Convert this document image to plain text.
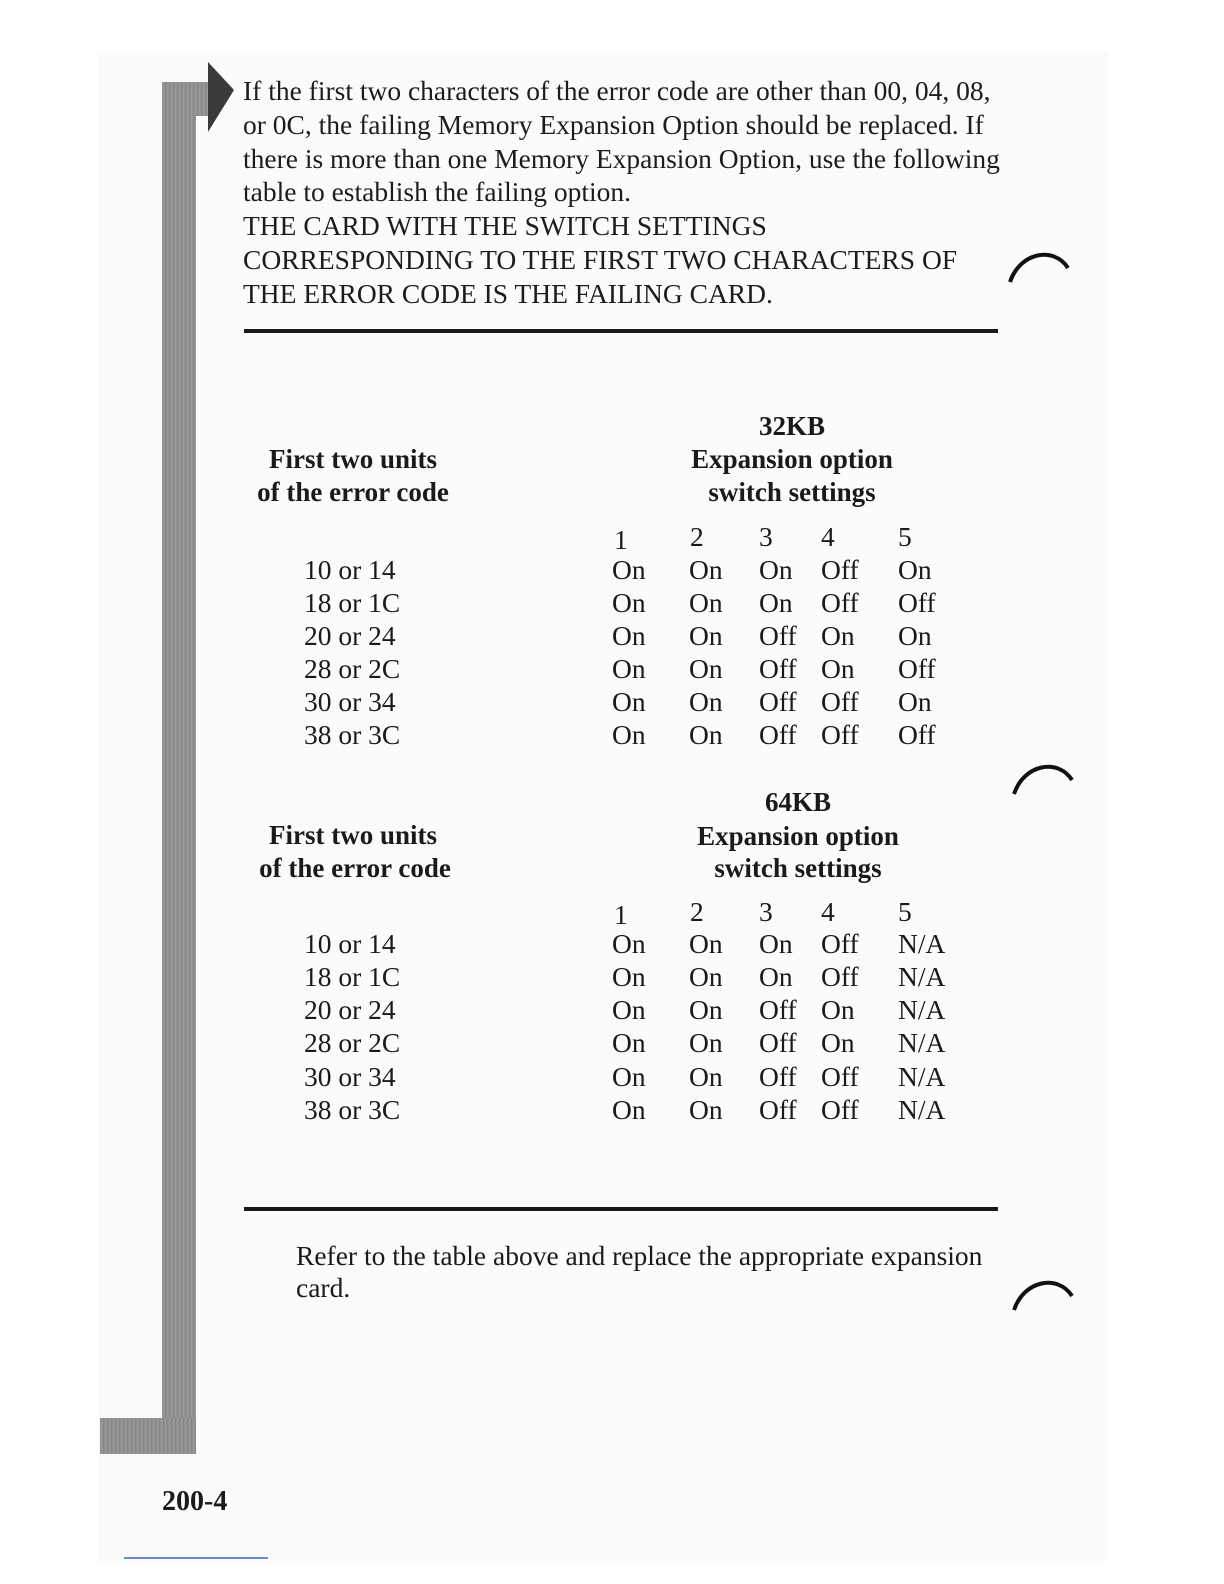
If the first two characters of the error code are other than 00, 04, 08, or 0C, the failing Memory Expansion Option should be replaced. If there is more than one Memory Expansion Option, use the following table to establish the failing option.
THE CARD WITH THE SWITCH SETTINGS CORRESPONDING TO THE FIRST TWO CHARACTERS OF THE ERROR CODE IS THE FAILING CARD.

First two units
of the error code
32KB
Expansion option
switch settings
1 2 3 4 5
10 or 14	On On On Off On
18 or 1C	On On On Off Off
20 or 24	On On Off On On
28 or 2C	On On Off On Off
30 or 34	On On Off Off On
38 or 3C	On On Off Off Off
First two units
of the error code
64KB
Expansion option
switch settings
1 2 3 4 5
10 or 14	On On On Off N/A
18 or 1C	On On On Off N/A
20 or 24	On On Off On N/A
28 or 2C	On On Off On N/A
30 or 34	On On Off Off N/A
38 or 3C	On On Off Off N/A

Refer to the table above and replace the appropriate expansion card.

200-4
